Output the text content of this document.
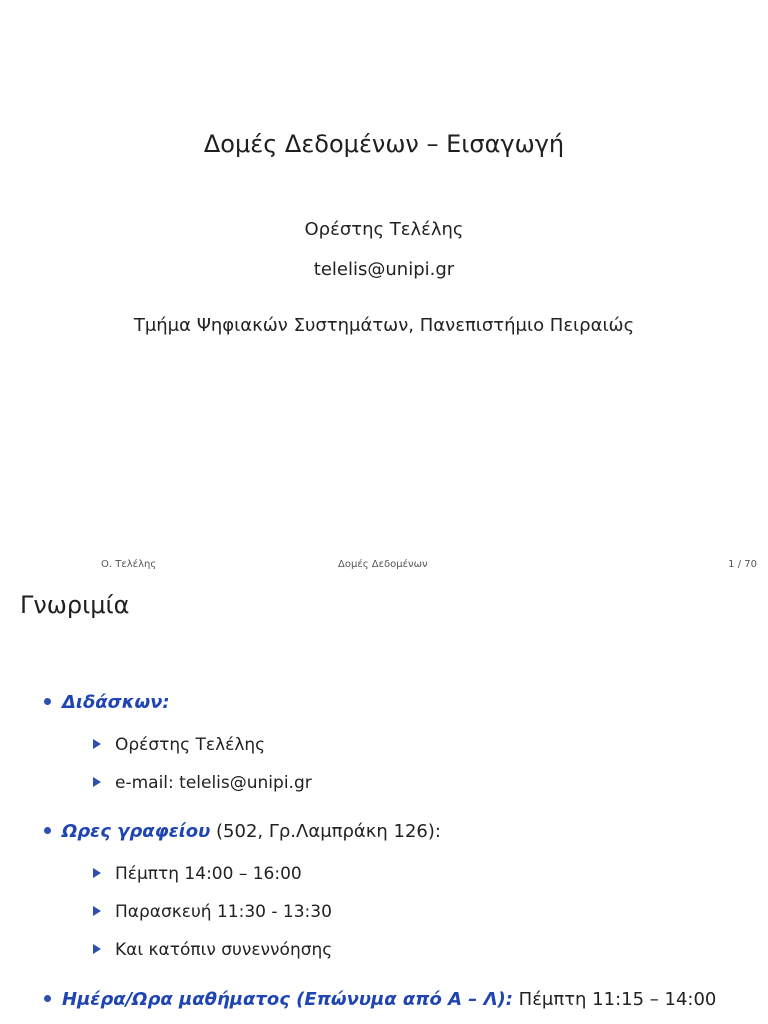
Δομές Δεδομένων – Εισαγωγή
Ορέστης Τελέλης
telelis@unipi.gr
Τμήμα Ψηφιακών Συστημάτων, Πανεπιστήμιο Πειραιώς
Ο. Τελέλης	Δομές Δεδομένων	1 / 70
Γνωριμία
Διδάσκων:
Ορέστης Τελέλης
e-mail: telelis@unipi.gr
Ωρες γραφείου (502, Γρ.Λαμπράκη 126):
Πέμπτη 14:00 – 16:00
Παρασκευή 11:30 - 13:30
Και κατόπιν συνεννόησης
Ημέρα/Ωρα μαθήματος (Επώνυμα από Α – Λ): Πέμπτη 11:15 – 14:00
